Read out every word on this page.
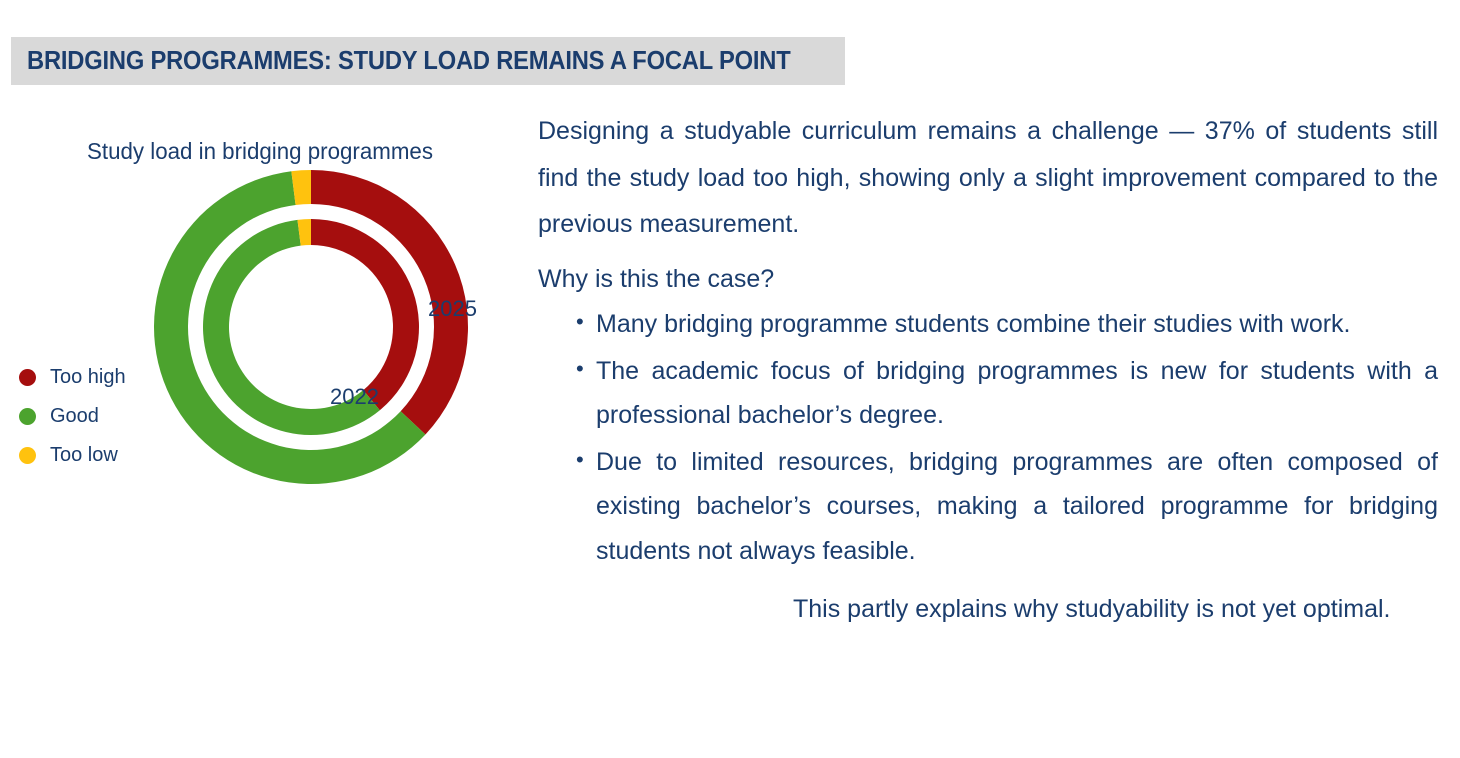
BRIDGING PROGRAMMES: STUDY LOAD REMAINS A FOCAL POINT
Study load in bridging programmes
2025
2022
Too high
Good
Too low

Designing a studyable curriculum remains a challenge — 37% of students still find the study load too high, showing only a slight improvement compared to the previous measurement.

Why is this the case?

• Many bridging programme students combine their studies with work.
• The academic focus of bridging programmes is new for students with a professional bachelor’s degree.
• Due to limited resources, bridging programmes are often composed of existing bachelor’s courses, making a tailored programme for bridging students not always feasible.

This partly explains why studyability is not yet optimal.
